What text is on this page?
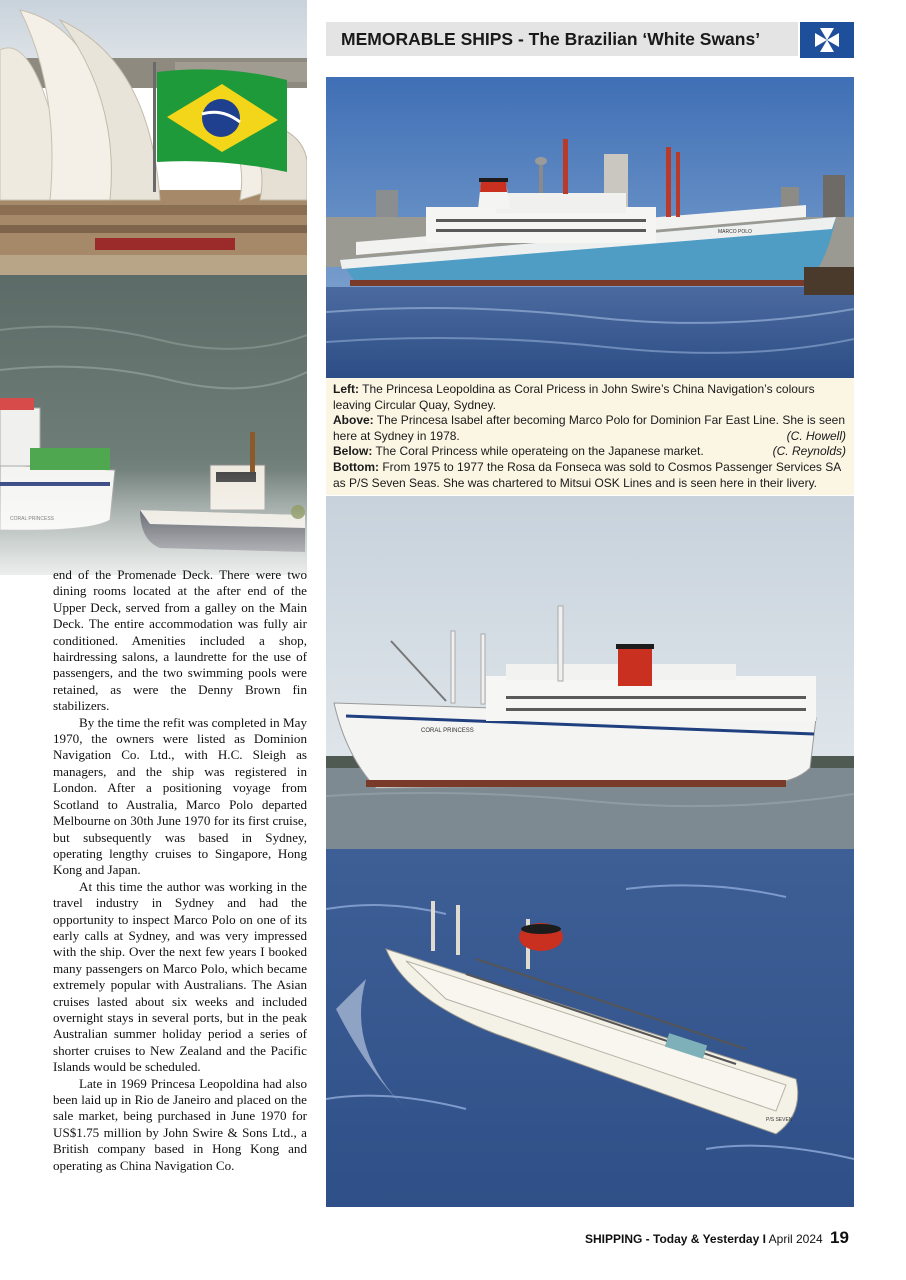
MEMORABLE SHIPS - The Brazilian ‘White Swans’
MARCO POLO

Left: The Princesa Leopoldina as Coral Pricess in John Swire’s China Navigation’s colours leaving Circular Quay, Sydney.

Above: The Princesa Isabel after becoming Marco Polo for Dominion Far East Line. She is seen here at Sydney in 1978.	(C. Howell)

Below: The Coral Princess while operateing on the Japanese market.	(C. Reynolds)

Bottom: From 1975 to 1977 the Rosa da Fonseca was sold to Cosmos Passenger Services SA as P/S Seven Seas. She was chartered to Mitsui OSK Lines and is seen here in their livery.

CORAL PRINCESS
P/S SEVEN

end of the Promenade Deck. There were two dining rooms located at the after end of the Upper Deck, served from a galley on the Main Deck. The entire accommodation was fully air conditioned. Amenities included a shop, hairdressing salons, a laundrette for the use of passengers, and the two swimming pools were retained, as were the Denny Brown fin stabilizers.

By the time the refit was completed in May 1970, the owners were listed as Dominion Navigation Co. Ltd., with H.C. Sleigh as managers, and the ship was registered in London. After a positioning voyage from Scotland to Australia, Marco Polo departed Melbourne on 30th June 1970 for its first cruise, but subsequently was based in Sydney, operating lengthy cruises to Singapore, Hong Kong and Japan.

At this time the author was working in the travel industry in Sydney and had the opportunity to inspect Marco Polo on one of its early calls at Sydney, and was very impressed with the ship. Over the next few years I booked many passengers on Marco Polo, which became extremely popular with Australians. The Asian cruises lasted about six weeks and included overnight stays in several ports, but in the peak Australian summer holiday period a series of shorter cruises to New Zealand and the Pacific Islands would be scheduled.

Late in 1969 Princesa Leopoldina had also been laid up in Rio de Janeiro and placed on the sale market, being purchased in June 1970 for US$1.75 million by John Swire & Sons Ltd., a British company based in Hong Kong and operating as China Navigation Co.

SHIPPING - Today & Yesterday I April 2024 19
